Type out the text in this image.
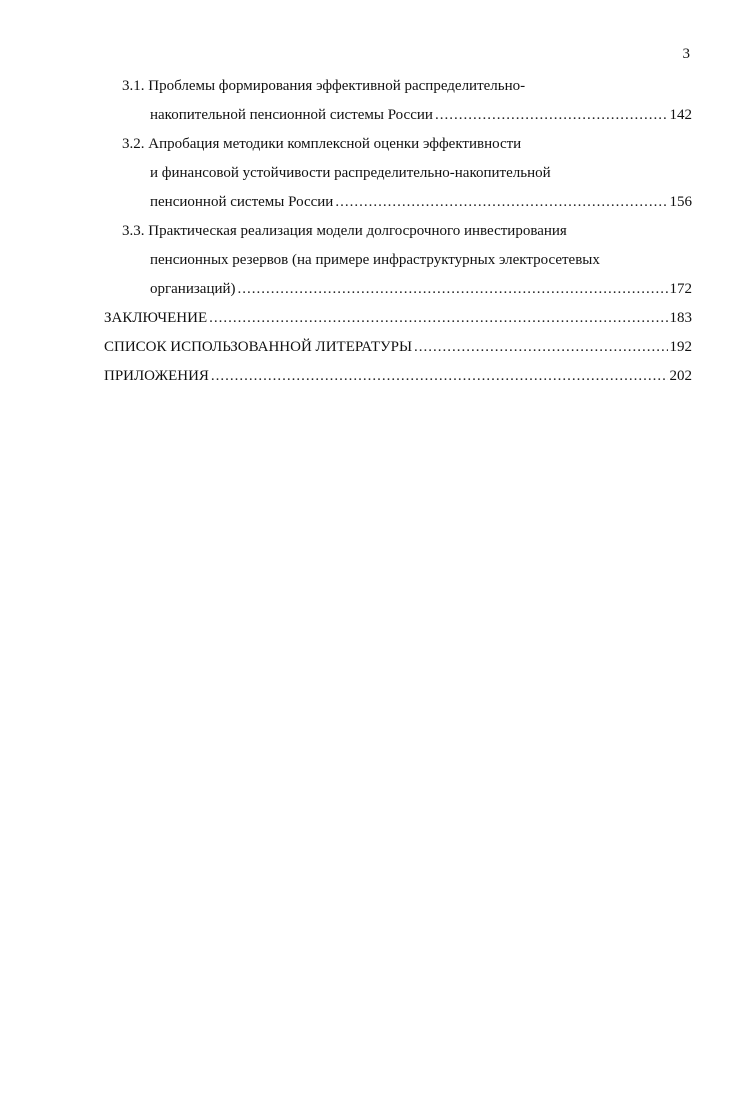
3
3.1. Проблемы формирования эффективной распределительно-
накопительной пенсионной системы России .....	142
3.2. Апробация методики комплексной оценки эффективности
и финансовой устойчивости распределительно-накопительной
пенсионной системы России .....	156
3.3. Практическая реализация модели долгосрочного инвестирования
пенсионных резервов (на примере инфраструктурных электросетевых
организаций) .....	172
ЗАКЛЮЧЕНИЕ .....	183
СПИСОК ИСПОЛЬЗОВАННОЙ ЛИТЕРАТУРЫ .....	192
ПРИЛОЖЕНИЯ .....	202
